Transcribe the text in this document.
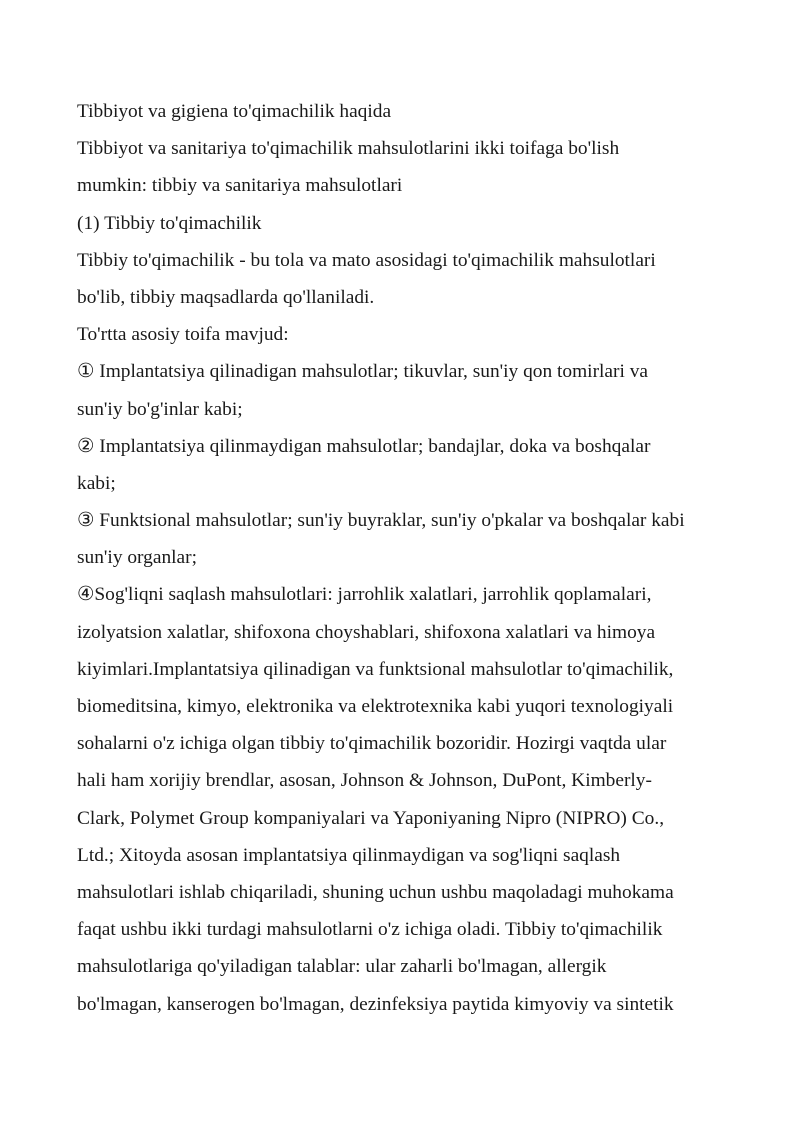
Tibbiyot va gigiena to'qimachilik haqida
Tibbiyot va sanitariya to'qimachilik mahsulotlarini ikki toifaga bo'lish
mumkin: tibbiy va sanitariya mahsulotlari
(1) Tibbiy to'qimachilik
Tibbiy to'qimachilik - bu tola va mato asosidagi to'qimachilik mahsulotlari
bo'lib, tibbiy maqsadlarda qo'llaniladi.
To'rtta asosiy toifa mavjud:
① Implantatsiya qilinadigan mahsulotlar; tikuvlar, sun'iy qon tomirlari va
sun'iy bo'g'inlar kabi;
② Implantatsiya qilinmaydigan mahsulotlar; bandajlar, doka va boshqalar
kabi;
③ Funktsional mahsulotlar; sun'iy buyraklar, sun'iy o'pkalar va boshqalar kabi
sun'iy organlar;
④Sog'liqni saqlash mahsulotlari: jarrohlik xalatlari, jarrohlik qoplamalari,
izolyatsion xalatlar, shifoxona choyshablari, shifoxona xalatlari va himoya
kiyimlari.Implantatsiya qilinadigan va funktsional mahsulotlar to'qimachilik,
biomeditsina, kimyo, elektronika va elektrotexnika kabi yuqori texnologiyali
sohalarni o'z ichiga olgan tibbiy to'qimachilik bozoridir. Hozirgi vaqtda ular
hali ham xorijiy brendlar, asosan, Johnson & Johnson, DuPont, Kimberly-
Clark, Polymet Group kompaniyalari va Yaponiyaning Nipro (NIPRO) Co.,
Ltd.; Xitoyda asosan implantatsiya qilinmaydigan va sog'liqni saqlash
mahsulotlari ishlab chiqariladi, shuning uchun ushbu maqoladagi muhokama
faqat ushbu ikki turdagi mahsulotlarni o'z ichiga oladi. Tibbiy to'qimachilik
mahsulotlariga qo'yiladigan talablar: ular zaharli bo'lmagan, allergik
bo'lmagan, kanserogen bo'lmagan, dezinfeksiya paytida kimyoviy va sintetik
